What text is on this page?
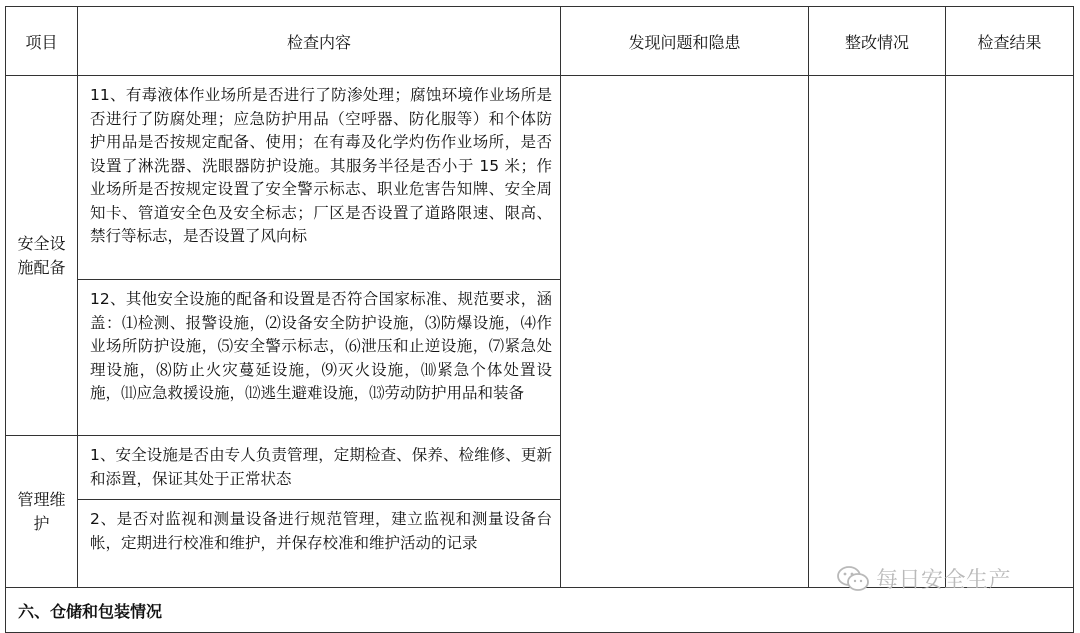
项目	检查内容	发现问题和隐患	整改情况	检查结果
安全设施配备	11、有毒液体作业场所是否进行了防渗处理；腐蚀环境作业场所是否进行了防腐处理；应急防护用品（空呼器、防化服等）和个体防护用品是否按规定配备、使用；在有毒及化学灼伤作业场所，是否设置了淋洗器、洗眼器防护设施。其服务半径是否小于 15 米；作业场所是否按规定设置了安全警示标志、职业危害告知牌、安全周知卡、管道安全色及安全标志；厂区是否设置了道路限速、限高、禁行等标志，是否设置了风向标			
	12、其他安全设施的配备和设置是否符合国家标准、规范要求，涵盖：⑴检测、报警设施，⑵设备安全防护设施，⑶防爆设施，⑷作业场所防护设施，⑸安全警示标志，⑹泄压和止逆设施，⑺紧急处理设施，⑻防止火灾蔓延设施，⑼灭火设施，⑽紧急个体处置设施，⑾应急救援设施，⑿逃生避难设施，⒀劳动防护用品和装备			
管理维护	1、安全设施是否由专人负责管理，定期检查、保养、检维修、更新和添置，保证其处于正常状态			
	2、是否对监视和测量设备进行规范管理，建立监视和测量设备台帐，定期进行校准和维护，并保存校准和维护活动的记录			
六、仓储和包装情况				
每日安全生产
